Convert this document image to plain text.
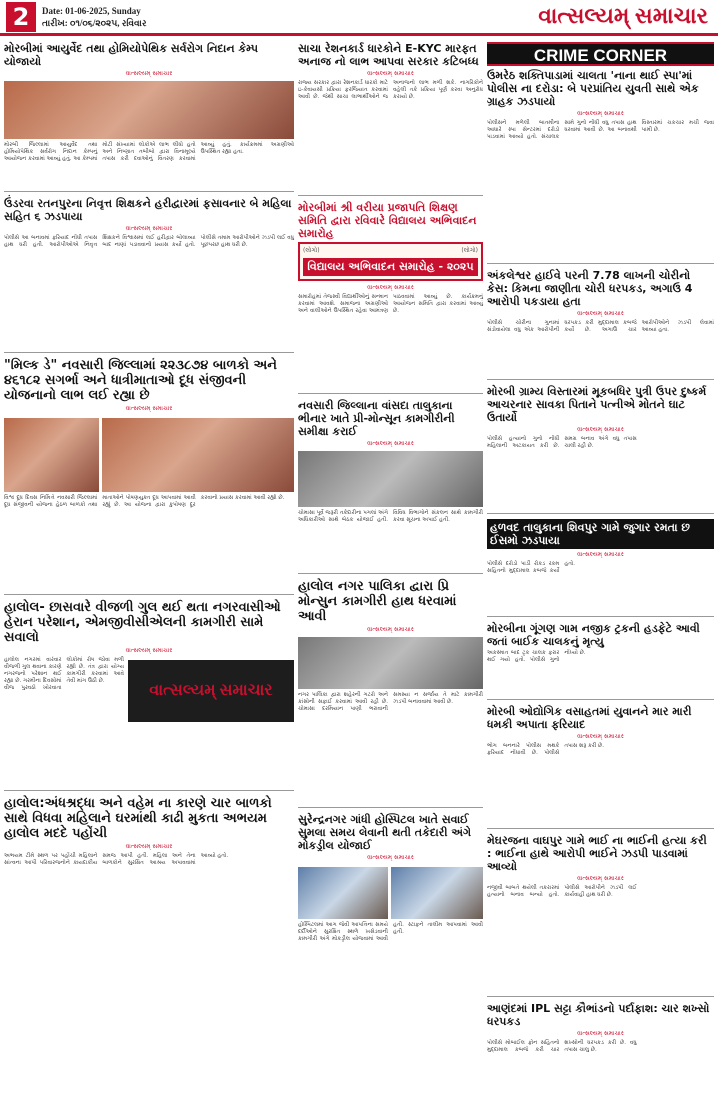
2	Date: 01-06-2025, Sunday
તારીખ: ૦૧/૦૬/૨૦૨૫, રવિવાર	વાત્સલ્યમ્ સમાચાર
મોરબીમાં આયુર્વેદ તથા હોમિયોપેથિક સર્વરોગ નિદાન કેમ્પ યોજાયો
વાત્સલ્યમ્ સમાચાર
મોરબી જિલ્લામાં આયુર્વેદ તથા હોમિયોપેથિક સર્વરોગ નિદાન કેમ્પનું આયોજન કરવામાં આવ્યું હતું. આ કેમ્પમાં મોટી સંખ્યામાં લોકોએ લાભ લીધો હતો અને નિષ્ણાત તબીબો દ્વારા વિનામૂલ્યે તપાસ કરી દવાઓનું વિતરણ કરવામાં આવ્યું હતું. કાર્યક્રમમાં અગ્રણીઓ ઉપસ્થિત રહ્યા હતા.
ઉંડરવા રતનપુરના નિવૃત્ત શિક્ષકને હરીદ્વારમાં ફસાવનાર બે મહિલા સહિત ૬ ઝડપાયા
વાત્સલ્યમ્ સમાચાર
પોલીસે આ બનાવમાં ફરિયાદ નોંધી તપાસ હાથ ધરી હતી. આરોપીઓએ નિવૃત્ત શિક્ષકને વિશ્વાસમાં લઈ હરીદ્વાર બોલાવ્યા બાદ નાણાં પડાવવાનો પ્રયાસ કર્યો હતો. પોલીસે તમામ આરોપીઓને ઝડપી લઈ વધુ પૂછપરછ હાથ ધરી છે.
"મિલ્ક ડે" નવસારી જિલ્લામાં ૨૨૩૮૭૪ બાળકો અને ૪૬૧૮૨ સગર્ભા અને ધાત્રીમાતાઓ દૂધ સંજીવની યોજનાનો લાભ લઈ રહ્યા છે
વાત્સલ્યમ્ સમાચાર
વિશ્વ દૂધ દિવસ નિમિત્તે નવસારી જિલ્લામાં દૂધ સંજીવની યોજના હેઠળ બાળકો તથા માતાઓને પોષણયુક્ત દૂધ આપવામાં આવી રહ્યું છે. આ યોજના દ્વારા કુપોષણ દૂર કરવાનો પ્રયાસ કરવામાં આવી રહ્યો છે.
હાલોલ- છાસવારે વીજળી ગુલ થઈ થતા નગરવાસીઓ હેરાન પરેશાન, એમજીવીસીએલની કામગીરી સામે સવાલો
વાત્સલ્યમ્ સમાચાર
હાલોલ નગરમાં વારંવાર વીજળી ગુલ થવાના કારણે નગરજનો પરેશાન થઈ રહ્યા છે. ગરમીના દિવસોમાં વીજ પુરવઠો ખોરવાતા લોકોમાં રોષ જોવા મળી રહ્યો છે. તંત્ર દ્વારા યોગ્ય કામગીરી કરવામાં આવે તેવી માંગ ઉઠી છે.
વાત્સલ્યમ્ સમાચાર
હાલોલ:અંધશ્રદ્ધા અને વહેમ ના કારણે ચાર બાળકો સાથે વિધવા મહિલાને ઘરમાંથી કાઢી મુકતા અભયમ હાલોલ મદદે પહોંચી
વાત્સલ્યમ્ સમાચાર
અભયમ ટીમે સ્થળ પર પહોંચી મહિલાને સાંત્વના આપી પરિવારજનોને કાયદાકીય સમજ આપી હતી. મહિલા અને તેના બાળકોને સુરક્ષિત આશ્રય અપાવવામાં આવ્યો હતો.
સાચા રેશનકાર્ડ ધારકોને E-KYC મારફત અનાજ નો લાભ આપવા સરકાર કટિબધ્ધ
વાત્સલ્યમ્ સમાચાર
રાજ્ય સરકાર દ્વારા રેશનકાર્ડ ધારકો માટે ઇ-કેવાયસી પ્રક્રિયા ફરજિયાત કરવામાં આવી છે. જેથી સાચા લાભાર્થીઓને જ અનાજનો લાભ મળી શકે. નાગરિકોને વહેલી તકે પ્રક્રિયા પૂર્ણ કરવા અનુરોધ કરાયો છે.
મોરબીમાં શ્રી વરીયા પ્રજાપતિ શિક્ષણ સમિતિ દ્વારા રવિવારે વિદ્યાલય અભિવાદન સમારોહ
(લોગો)	(લોગો)
વિદ્યાલય અભિવાદન સમારોહ - ૨૦૨૫
વાત્સલ્યમ્ સમાચાર
સમારોહમાં તેજસ્વી વિદ્યાર્થીઓનું સન્માન કરવામાં આવશે. સમાજના અગ્રણીઓ અને વાલીઓને ઉપસ્થિત રહેવા આમંત્રણ પાઠવવામાં આવ્યું છે. કાર્યક્રમનું આયોજન સમિતિ દ્વારા કરવામાં આવ્યું છે.
નવસારી જિલ્લાના વાંસદા તાલુકાના ભીનાર ખાતે પ્રી-મોન્સૂન કામગીરીની સમીક્ષા કરાઈ
વાત્સલ્યમ્ સમાચાર
ચોમાસા પૂર્વે જરૂરી તકેદારીના પગલાં અંગે અધિકારીઓ સાથે બેઠક યોજાઈ હતી. વિવિધ વિભાગોને સંકલન સાથે કામગીરી કરવા સૂચના અપાઈ હતી.
હાલોલ નગર પાલિકા દ્વારા પ્રિ મોન્સુન કામગીરી હાથ ધરવામાં આવી
વાત્સલ્યમ્ સમાચાર
નગર પાલિકા દ્વારા શહેરની ગટરો અને કાંસોની સફાઈ કરવામાં આવી રહી છે. ચોમાસા દરમિયાન પાણી ભરાવાની સમસ્યા ન સર્જાય તે માટે કામગીરી ઝડપી બનાવવામાં આવી છે.
સુરેન્દ્રનગર ગાંધી હોસ્પિટલ ખાતે સવાઈ સુમલા સમય લેવાની થતી તકેદારી અંગે મોકડ્રીલ યોજાઈ
વાત્સલ્યમ્ સમાચાર
હોસ્પિટલમાં આગ જેવી આપત્તિના સમયે દર્દીઓને સુરક્ષિત સ્થળે ખસેડવાની કામગીરી અંગે મોકડ્રીલ યોજવામાં આવી હતી. સ્ટાફને તાલીમ આપવામાં આવી હતી.
CRIME CORNER
ઉમરેઠ શક્તિપાડામાં ચાલતા 'નાના થાઈ સ્પા'માં પોલીસ ના દરોડા: બે પરપ્રાંતિય યુવતી સાથે એક ગ્રાહક ઝડપાયો
વાત્સલ્યમ્ સમાચાર
પોલીસને મળેલી બાતમીના આધારે સ્પા સેન્ટરમાં દરોડો પાડવામાં આવ્યો હતો. સંચાલક સામે ગુનો નોંધી વધુ તપાસ હાથ ધરવામાં આવી છે. આ બનાવથી વિસ્તારમાં ચકચાર મચી જવા પામી છે.
અંકલેશ્વર હાઈવે પરની 7.78 લાખની ચોરીનો કેસ: કિમના જાણીતા ચોરી ધરપકડ, અગાઉ 4 આરોપી પકડાયા હતા
વાત્સલ્યમ્ સમાચાર
પોલીસે ચોરીના ગુનામાં સંડોવાયેલા વધુ એક આરોપીની ધરપકડ કરી મુદ્દામાલ કબજે કર્યો છે. અગાઉ ચાર આરોપીઓને ઝડપી લેવામાં આવ્યા હતા.
મોરબી ગ્રામ્ય વિસ્તારમાં મૂકબધિર પુત્રી ઉપર દુષ્કર્મ આચરનાર સાવકા પિતાને પત્નીએ મોતને ઘાટ ઉતાર્યો
વાત્સલ્યમ્ સમાચાર
પોલીસે હત્યાનો ગુનો નોંધી મહિલાની અટકાયત કરી છે. સમગ્ર બનાવ અંગે વધુ તપાસ ચાલી રહી છે.
હળવદ તાલુકાના શિવપુર ગામે જુગાર રમતા છ ઈસમો ઝડપાયા
વાત્સલ્યમ્ સમાચાર
પોલીસે દરોડો પાડી રોકડ રકમ સહિતનો મુદ્દામાલ કબજે કર્યો હતો.
મોરબીના ગૂંગણ ગામ નજીક ટ્રકની હડફેટે આવી જતાં બાઈક ચાલકનું મૃત્યુ
અકસ્માત બાદ ટ્રક ચાલક ફરાર થઈ ગયો હતો. પોલીસે ગુનો નોંધ્યો છે.
મોરબી ઓદ્યોગિક વસાહતમાં યુવાનને માર મારી ધમકી અપાતા ફરિયાદ
વાત્સલ્યમ્ સમાચાર
ભોગ બનનારે પોલીસ મથકે ફરિયાદ નોંધાવી છે. પોલીસે તપાસ શરૂ કરી છે.
મેઘરજના વાઘપુર ગામે ભાઈ ના ભાઈની હત્યા કરી : ભાઈના હાથે આરોપી ભાઈને ઝડપી પાડવામાં આવ્યો
વાત્સલ્યમ્ સમાચાર
નજીવી બાબતે થયેલી તકરારમાં હત્યાનો બનાવ બન્યો હતો. પોલીસે આરોપીને ઝડપી લઈ કાર્યવાહી હાથ ધરી છે.
આણંદમાં IPL સટ્ટા કૌભાંડનો પર્દાફાશ: ચાર શખ્સો ધરપકડ
વાત્સલ્યમ્ સમાચાર
પોલીસે મોબાઈલ ફોન સહિતનો મુદ્દામાલ કબજે કરી ચાર શખ્સોની ધરપકડ કરી છે. વધુ તપાસ ચાલુ છે.
